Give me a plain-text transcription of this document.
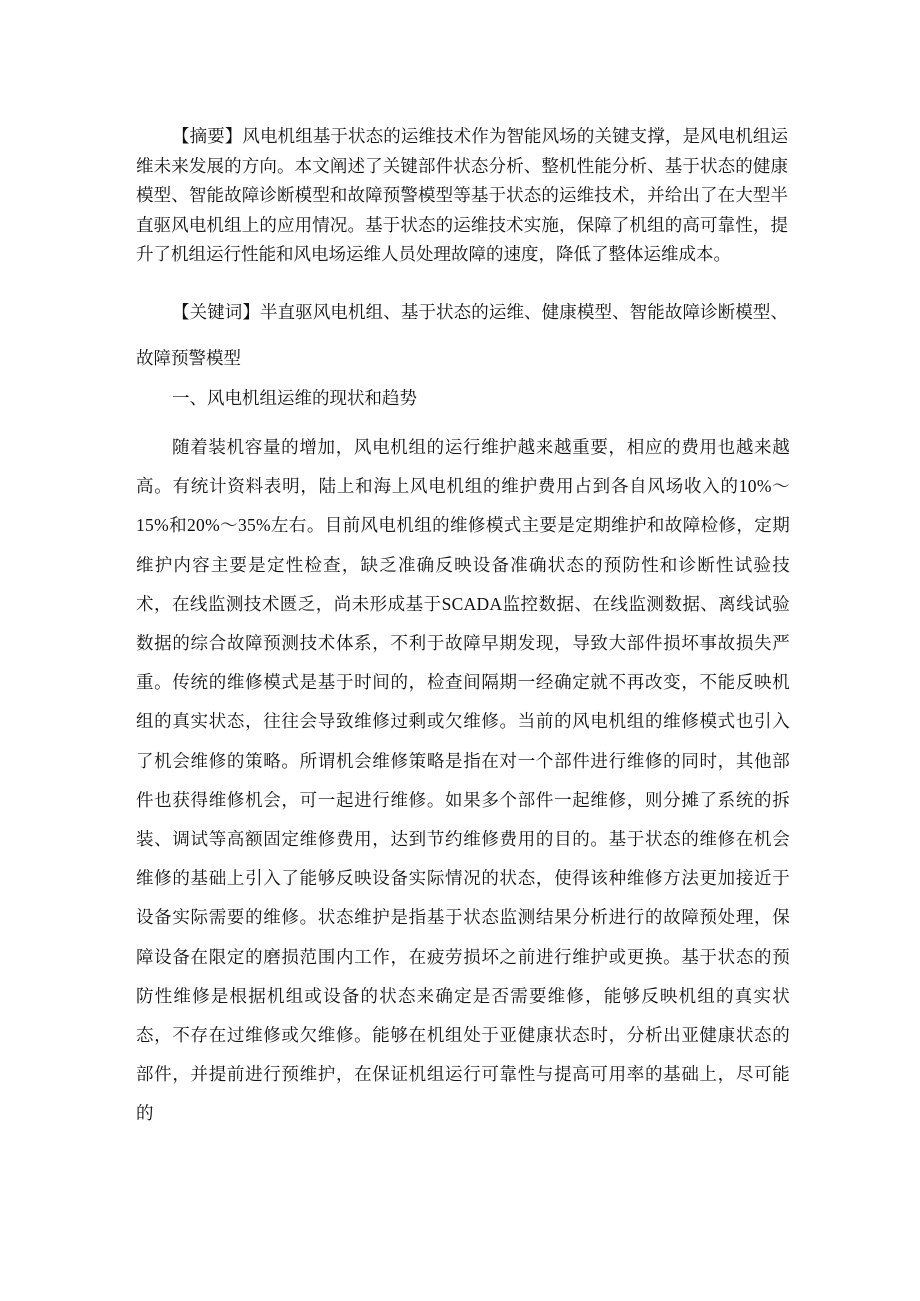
【摘要】风电机组基于状态的运维技术作为智能风场的关键支撑，是风电机组运维未来发展的方向。本文阐述了关键部件状态分析、整机性能分析、基于状态的健康模型、智能故障诊断模型和故障预警模型等基于状态的运维技术，并给出了在大型半直驱风电机组上的应用情况。基于状态的运维技术实施，保障了机组的高可靠性，提升了机组运行性能和风电场运维人员处理故障的速度，降低了整体运维成本。

【关键词】半直驱风电机组、基于状态的运维、健康模型、智能故障诊断模型、故障预警模型

一、风电机组运维的现状和趋势

随着装机容量的增加，风电机组的运行维护越来越重要，相应的费用也越来越高。有统计资料表明，陆上和海上风电机组的维护费用占到各自风场收入的10%～15%和20%～35%左右。目前风电机组的维修模式主要是定期维护和故障检修，定期维护内容主要是定性检查，缺乏准确反映设备准确状态的预防性和诊断性试验技术，在线监测技术匮乏，尚未形成基于SCADA监控数据、在线监测数据、离线试验数据的综合故障预测技术体系，不利于故障早期发现，导致大部件损坏事故损失严重。传统的维修模式是基于时间的，检查间隔期一经确定就不再改变，不能反映机组的真实状态，往往会导致维修过剩或欠维修。当前的风电机组的维修模式也引入了机会维修的策略。所谓机会维修策略是指在对一个部件进行维修的同时，其他部件也获得维修机会，可一起进行维修。如果多个部件一起维修，则分摊了系统的拆装、调试等高额固定维修费用，达到节约维修费用的目的。基于状态的维修在机会维修的基础上引入了能够反映设备实际情况的状态，使得该种维修方法更加接近于设备实际需要的维修。状态维护是指基于状态监测结果分析进行的故障预处理，保障设备在限定的磨损范围内工作，在疲劳损坏之前进行维护或更换。基于状态的预防性维修是根据机组或设备的状态来确定是否需要维修，能够反映机组的真实状态，不存在过维修或欠维修。能够在机组处于亚健康状态时，分析出亚健康状态的部件，并提前进行预维护，在保证机组运行可靠性与提高可用率的基础上，尽可能的
